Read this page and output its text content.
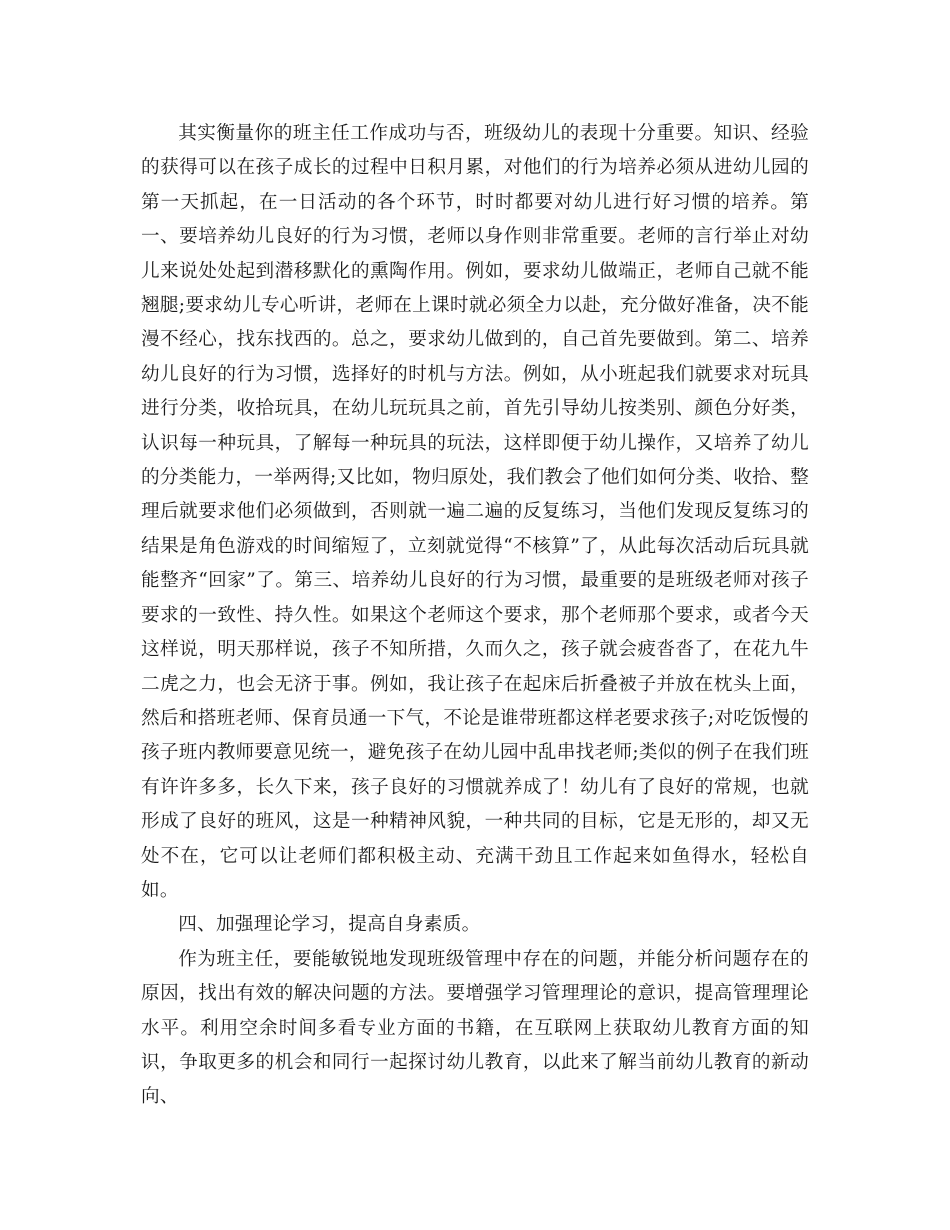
其实衡量你的班主任工作成功与否，班级幼儿的表现十分重要。知识、经验的获得可以在孩子成长的过程中日积月累，对他们的行为培养必须从进幼儿园的第一天抓起，在一日活动的各个环节，时时都要对幼儿进行好习惯的培养。第一、要培养幼儿良好的行为习惯，老师以身作则非常重要。老师的言行举止对幼儿来说处处起到潜移默化的熏陶作用。例如，要求幼儿做端正，老师自己就不能翘腿;要求幼儿专心听讲，老师在上课时就必须全力以赴，充分做好准备，决不能漫不经心，找东找西的。总之，要求幼儿做到的，自己首先要做到。第二、培养幼儿良好的行为习惯，选择好的时机与方法。例如，从小班起我们就要求对玩具进行分类，收拾玩具，在幼儿玩玩具之前，首先引导幼儿按类别、颜色分好类，认识每一种玩具，了解每一种玩具的玩法，这样即便于幼儿操作，又培养了幼儿的分类能力，一举两得;又比如，物归原处，我们教会了他们如何分类、收拾、整理后就要求他们必须做到，否则就一遍二遍的反复练习，当他们发现反复练习的结果是角色游戏的时间缩短了，立刻就觉得“不核算”了，从此每次活动后玩具就能整齐“回家”了。第三、培养幼儿良好的行为习惯，最重要的是班级老师对孩子要求的一致性、持久性。如果这个老师这个要求，那个老师那个要求，或者今天这样说，明天那样说，孩子不知所措，久而久之，孩子就会疲沓沓了，在花九牛二虎之力，也会无济于事。例如，我让孩子在起床后折叠被子并放在枕头上面，然后和搭班老师、保育员通一下气，不论是谁带班都这样老要求孩子;对吃饭慢的孩子班内教师要意见统一，避免孩子在幼儿园中乱串找老师;类似的例子在我们班有许许多多，长久下来，孩子良好的习惯就养成了！幼儿有了良好的常规，也就形成了良好的班风，这是一种精神风貌，一种共同的目标，它是无形的，却又无处不在，它可以让老师们都积极主动、充满干劲且工作起来如鱼得水，轻松自如。

四、加强理论学习，提高自身素质。

作为班主任，要能敏锐地发现班级管理中存在的问题，并能分析问题存在的原因，找出有效的解决问题的方法。要增强学习管理理论的意识，提高管理理论水平。利用空余时间多看专业方面的书籍，在互联网上获取幼儿教育方面的知识，争取更多的机会和同行一起探讨幼儿教育，以此来了解当前幼儿教育的新动向、
